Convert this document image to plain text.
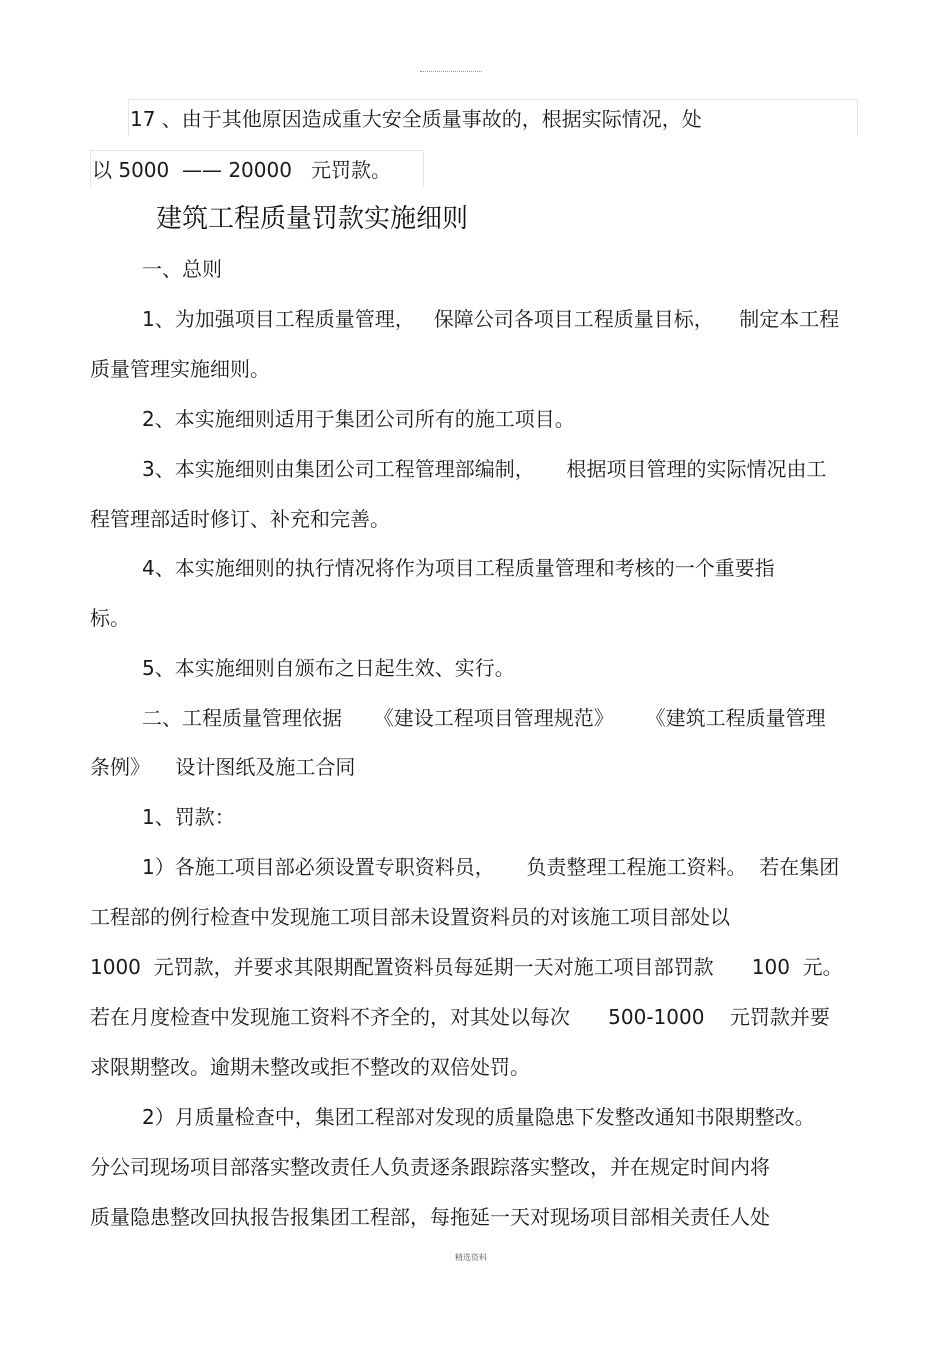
17 、由于其他原因造成重大安全质量事故的，根据实际情况，处
以 5000  —— 20000   元罚款。
建筑工程质量罚款实施细则
一、总则
1、为加强项目工程质量管理，   保障公司各项目工程质量目标，    制定本工程
质量管理实施细则。
2、本实施细则适用于集团公司所有的施工项目。
3、本实施细则由集团公司工程管理部编制，     根据项目管理的实际情况由工
程管理部适时修订、补充和完善。
4、本实施细则的执行情况将作为项目工程质量管理和考核的一个重要指
标。
5、本实施细则自颁布之日起生效、实行。
二、工程质量管理依据     《建设工程项目管理规范》     《建筑工程质量管理
条例》    设计图纸及施工合同
1、罚款：
1）各施工项目部必须设置专职资料员，     负责整理工程施工资料。  若在集团
工程部的例行检查中发现施工项目部未设置资料员的对该施工项目部处以
1000  元罚款，并要求其限期配置资料员每延期一天对施工项目部罚款      100  元。
若在月度检查中发现施工资料不齐全的，对其处以每次      500-1000    元罚款并要
求限期整改。逾期未整改或拒不整改的双倍处罚。
2）月质量检查中，集团工程部对发现的质量隐患下发整改通知书限期整改。
分公司现场项目部落实整改责任人负责逐条跟踪落实整改，并在规定时间内将
质量隐患整改回执报告报集团工程部，每拖延一天对现场项目部相关责任人处
精选资料
